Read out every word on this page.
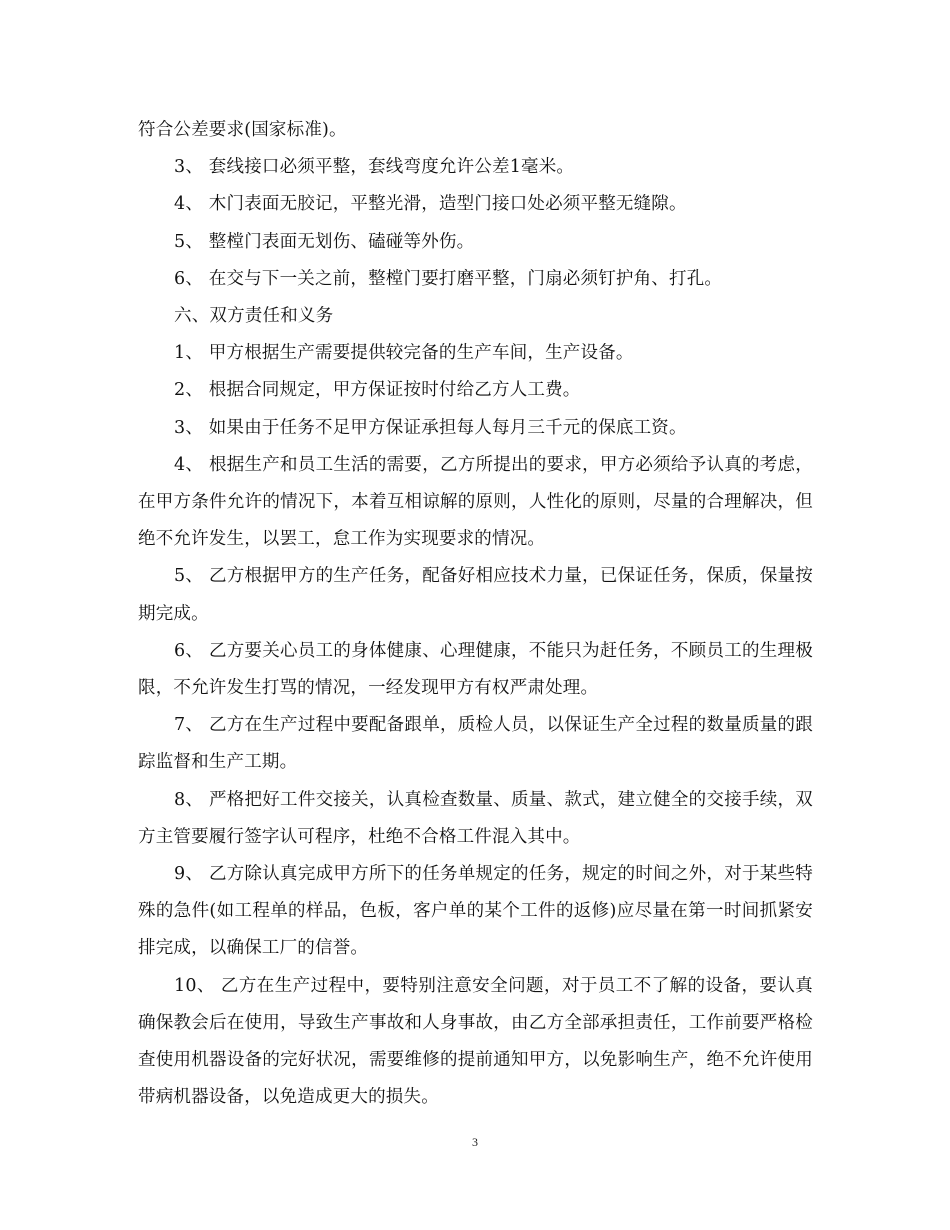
符合公差要求(国家标准)。

3、 套线接口必须平整，套线弯度允许公差1毫米。

4、 木门表面无胶记，平整光滑，造型门接口处必须平整无缝隙。

5、 整樘门表面无划伤、磕碰等外伤。

6、 在交与下一关之前，整樘门要打磨平整，门扇必须钉护角、打孔。

六、双方责任和义务

1、 甲方根据生产需要提供较完备的生产车间，生产设备。

2、 根据合同规定，甲方保证按时付给乙方人工费。

3、 如果由于任务不足甲方保证承担每人每月三千元的保底工资。

4、 根据生产和员工生活的需要，乙方所提出的要求，甲方必须给予认真的考虑，在甲方条件允许的情况下，本着互相谅解的原则，人性化的原则，尽量的合理解决，但绝不允许发生，以罢工，怠工作为实现要求的情况。

5、 乙方根据甲方的生产任务，配备好相应技术力量，已保证任务，保质，保量按期完成。

6、 乙方要关心员工的身体健康、心理健康，不能只为赶任务，不顾员工的生理极限，不允许发生打骂的情况，一经发现甲方有权严肃处理。

7、 乙方在生产过程中要配备跟单，质检人员，以保证生产全过程的数量质量的跟踪监督和生产工期。

8、 严格把好工件交接关，认真检查数量、质量、款式，建立健全的交接手续，双方主管要履行签字认可程序，杜绝不合格工件混入其中。

9、 乙方除认真完成甲方所下的任务单规定的任务，规定的时间之外，对于某些特殊的急件(如工程单的样品，色板，客户单的某个工件的返修)应尽量在第一时间抓紧安排完成，以确保工厂的信誉。

10、 乙方在生产过程中，要特别注意安全问题，对于员工不了解的设备，要认真确保教会后在使用，导致生产事故和人身事故，由乙方全部承担责任，工作前要严格检查使用机器设备的完好状况，需要维修的提前通知甲方，以免影响生产，绝不允许使用带病机器设备，以免造成更大的损失。

3
